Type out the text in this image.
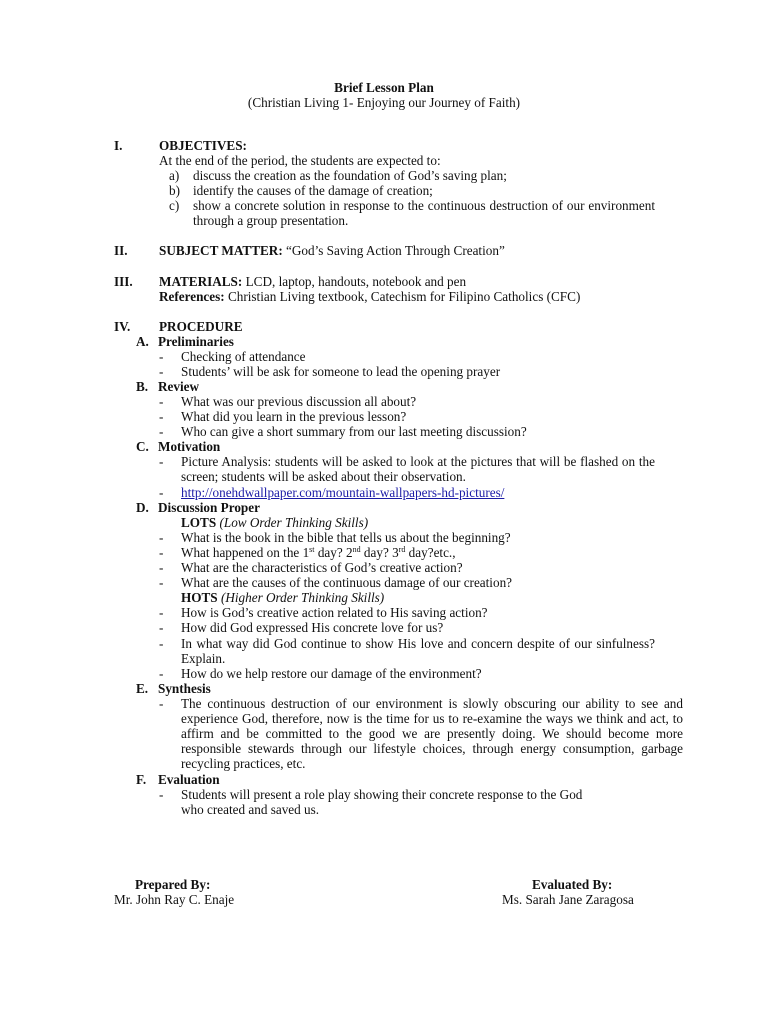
Brief Lesson Plan
(Christian Living 1- Enjoying our Journey of Faith)
I.	OBJECTIVES:
At the end of the period, the students are expected to:
a) discuss the creation as the foundation of God’s saving plan;
b) identify the causes of the damage of creation;
c) show a concrete solution in response to the continuous destruction of our environment through a group presentation.
II. SUBJECT MATTER: “God’s Saving Action Through Creation”
III. MATERIALS: LCD, laptop, handouts, notebook and pen
References: Christian Living textbook, Catechism for Filipino Catholics (CFC)
IV. PROCEDURE
A. Preliminaries
- Checking of attendance
- Students’ will be ask for someone to lead the opening prayer
B. Review
- What was our previous discussion all about?
- What did you learn in the previous lesson?
- Who can give a short summary from our last meeting discussion?
C. Motivation
- Picture Analysis: students will be asked to look at the pictures that will be flashed on the screen; students will be asked about their observation.
- http://onehdwallpaper.com/mountain-wallpapers-hd-pictures/
D. Discussion Proper
LOTS (Low Order Thinking Skills)
- What is the book in the bible that tells us about the beginning?
- What happened on the 1st day? 2nd day? 3rd day?etc.,
- What are the characteristics of God’s creative action?
- What are the causes of the continuous damage of our creation?
HOTS (Higher Order Thinking Skills)
- How is God’s creative action related to His saving action?
- How did God expressed His concrete love for us?
- In what way did God continue to show His love and concern despite of our sinfulness? Explain.
- How do we help restore our damage of the environment?
E. Synthesis
- The continuous destruction of our environment is slowly obscuring our ability to see and experience God, therefore, now is the time for us to re-examine the ways we think and act, to affirm and be committed to the good we are presently doing. We should become more responsible stewards through our lifestyle choices, through energy consumption, garbage recycling practices, etc.
F. Evaluation
- Students will present a role play showing their concrete response to the God
who created and saved us.
Prepared By:
Mr. John Ray C. Enaje
Evaluated By:
Ms. Sarah Jane Zaragosa
